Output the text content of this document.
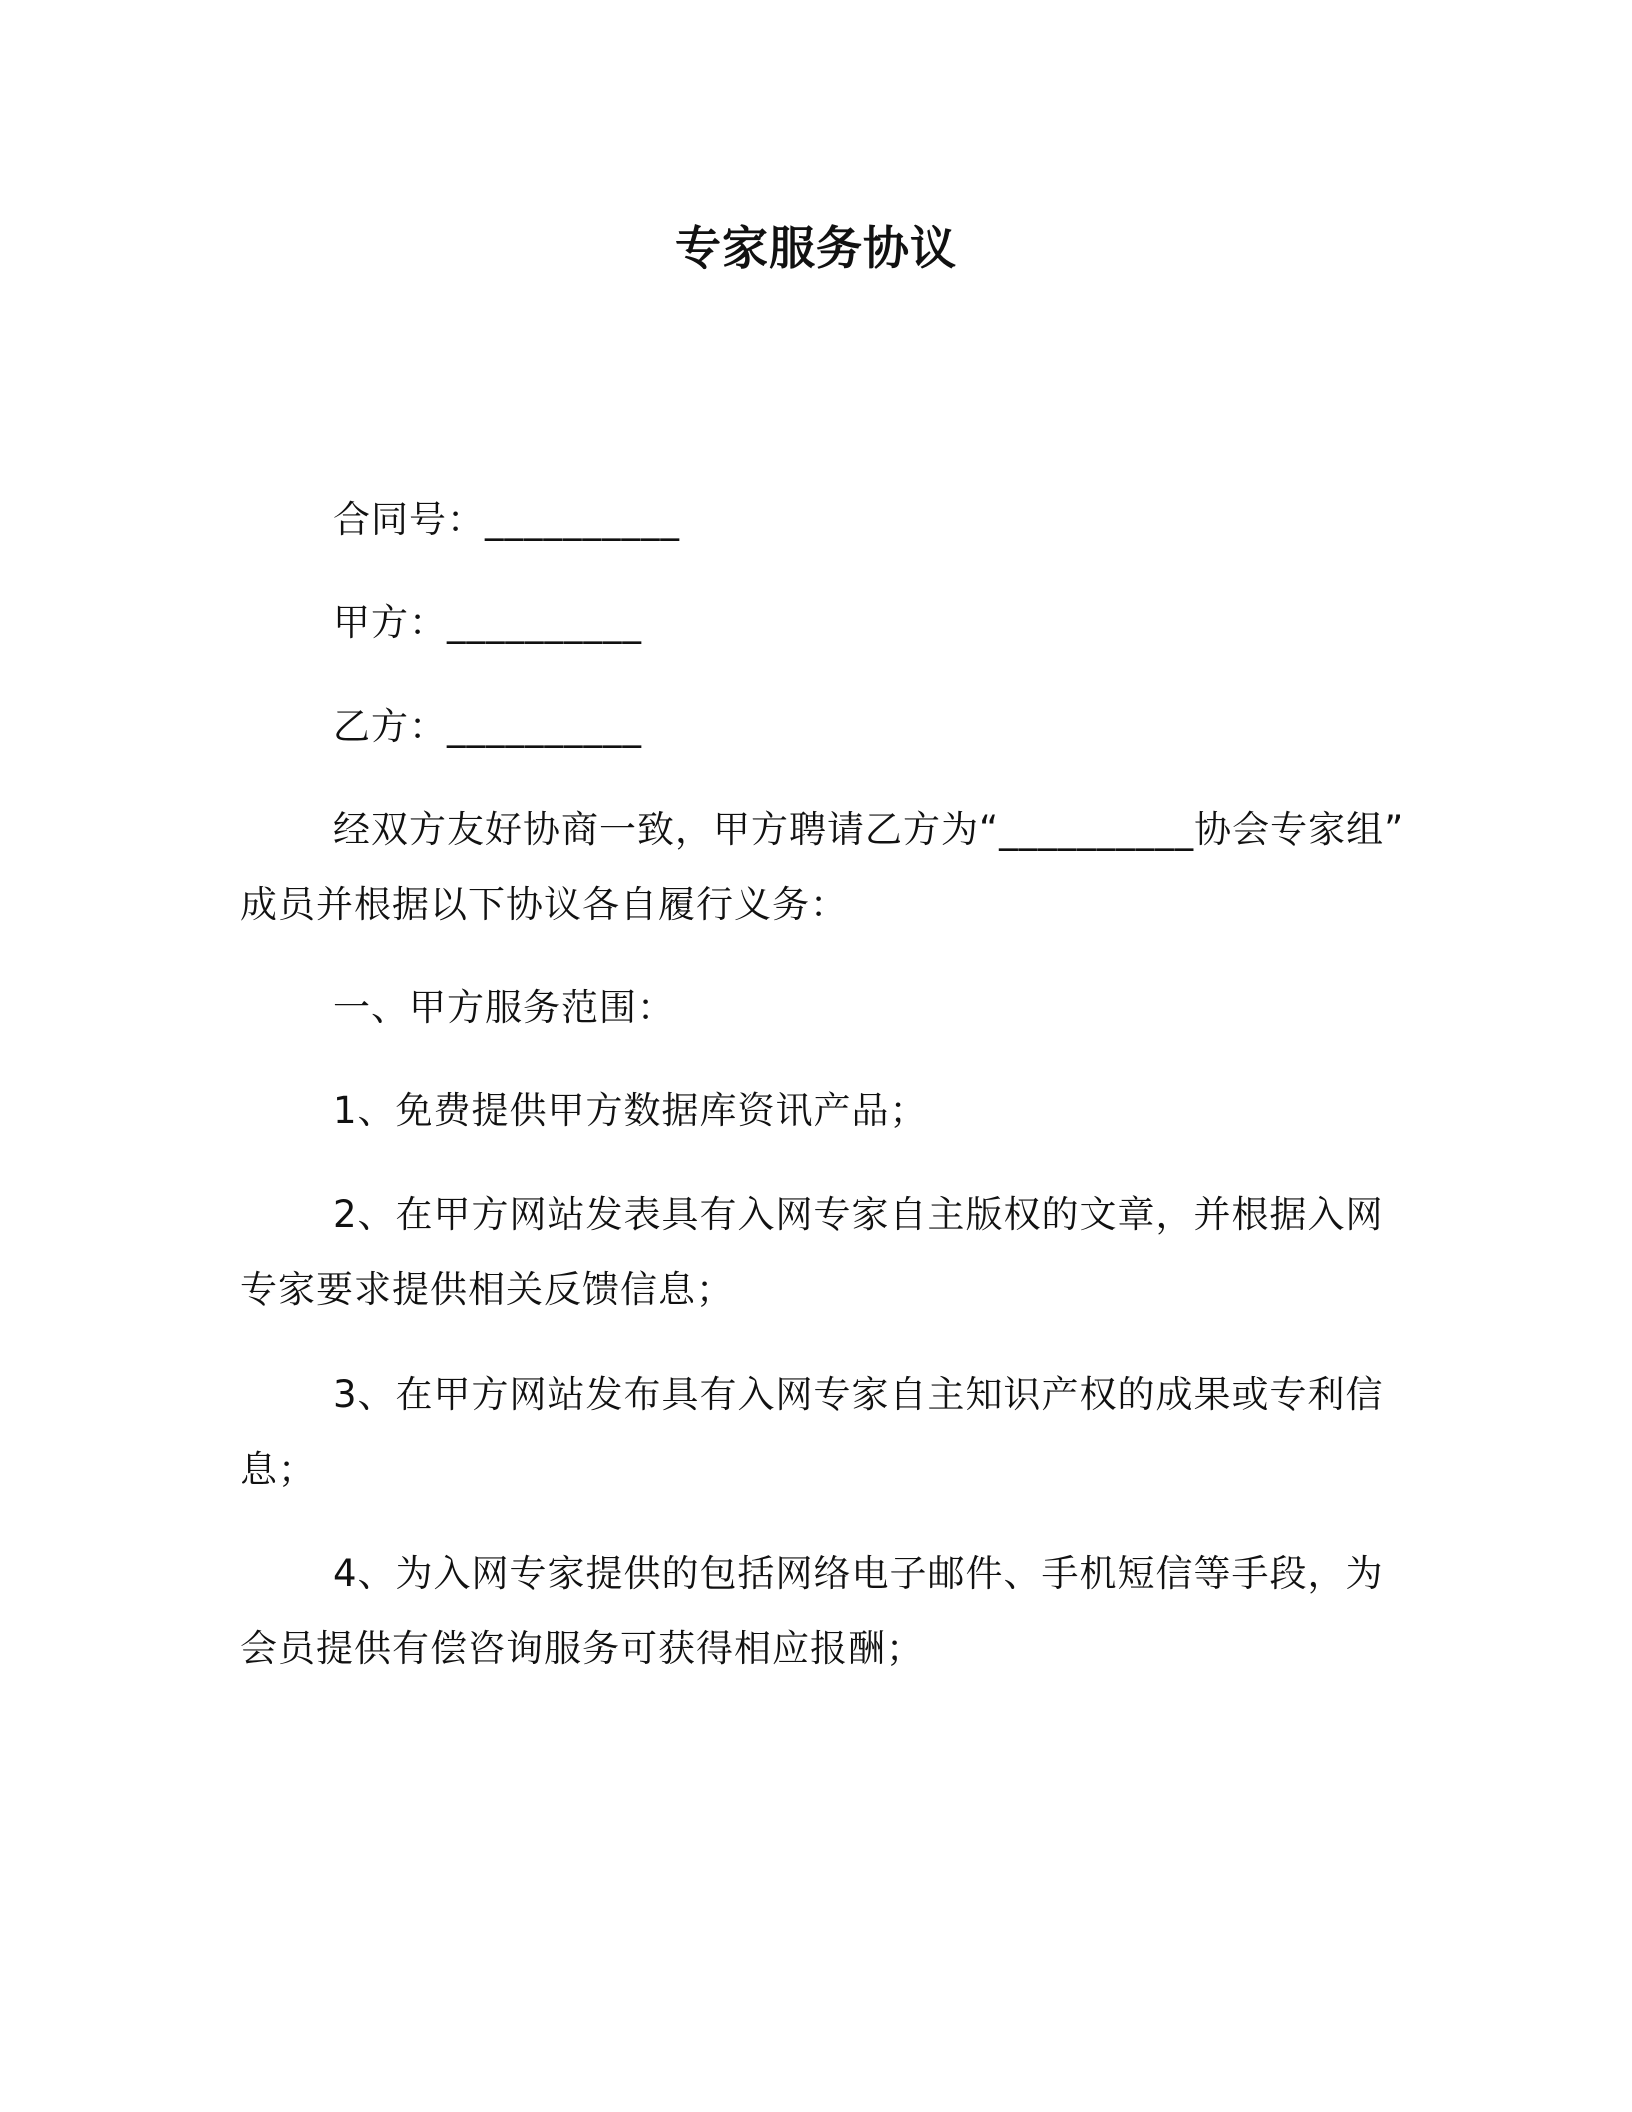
专家服务协议
合同号：__________
甲方：__________
乙方：__________
经双方友好协商一致，甲方聘请乙方为“__________协会专家组”
成员并根据以下协议各自履行义务：
一、甲方服务范围：
1、免费提供甲方数据库资讯产品；
2、在甲方网站发表具有入网专家自主版权的文章，并根据入网
专家要求提供相关反馈信息；
3、在甲方网站发布具有入网专家自主知识产权的成果或专利信
息；
4、为入网专家提供的包括网络电子邮件、手机短信等手段，为
会员提供有偿咨询服务可获得相应报酬；
